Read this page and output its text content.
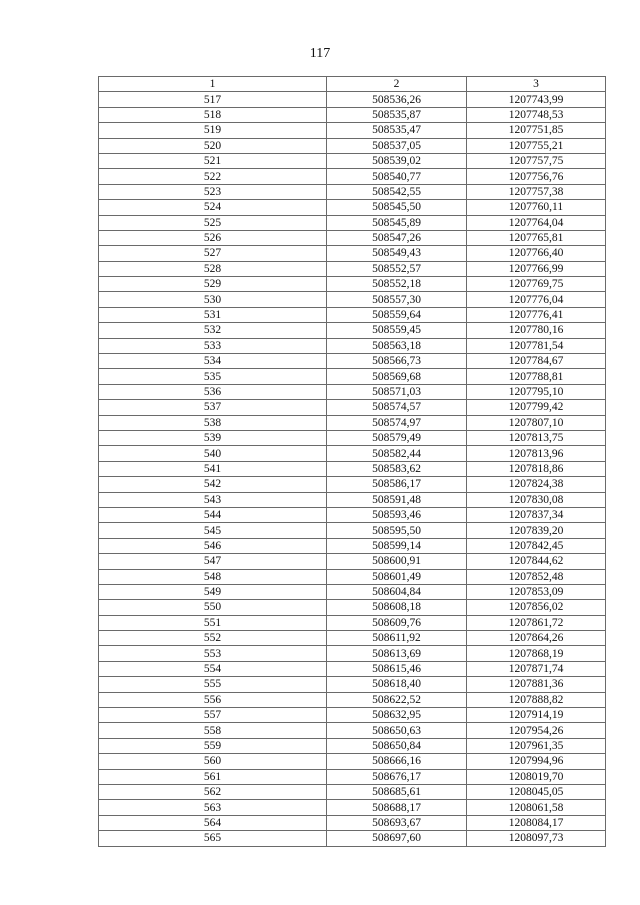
117
1	2	3
517	508536,26	1207743,99
518	508535,87	1207748,53
519	508535,47	1207751,85
520	508537,05	1207755,21
521	508539,02	1207757,75
522	508540,77	1207756,76
523	508542,55	1207757,38
524	508545,50	1207760,11
525	508545,89	1207764,04
526	508547,26	1207765,81
527	508549,43	1207766,40
528	508552,57	1207766,99
529	508552,18	1207769,75
530	508557,30	1207776,04
531	508559,64	1207776,41
532	508559,45	1207780,16
533	508563,18	1207781,54
534	508566,73	1207784,67
535	508569,68	1207788,81
536	508571,03	1207795,10
537	508574,57	1207799,42
538	508574,97	1207807,10
539	508579,49	1207813,75
540	508582,44	1207813,96
541	508583,62	1207818,86
542	508586,17	1207824,38
543	508591,48	1207830,08
544	508593,46	1207837,34
545	508595,50	1207839,20
546	508599,14	1207842,45
547	508600,91	1207844,62
548	508601,49	1207852,48
549	508604,84	1207853,09
550	508608,18	1207856,02
551	508609,76	1207861,72
552	508611,92	1207864,26
553	508613,69	1207868,19
554	508615,46	1207871,74
555	508618,40	1207881,36
556	508622,52	1207888,82
557	508632,95	1207914,19
558	508650,63	1207954,26
559	508650,84	1207961,35
560	508666,16	1207994,96
561	508676,17	1208019,70
562	508685,61	1208045,05
563	508688,17	1208061,58
564	508693,67	1208084,17
565	508697,60	1208097,73
